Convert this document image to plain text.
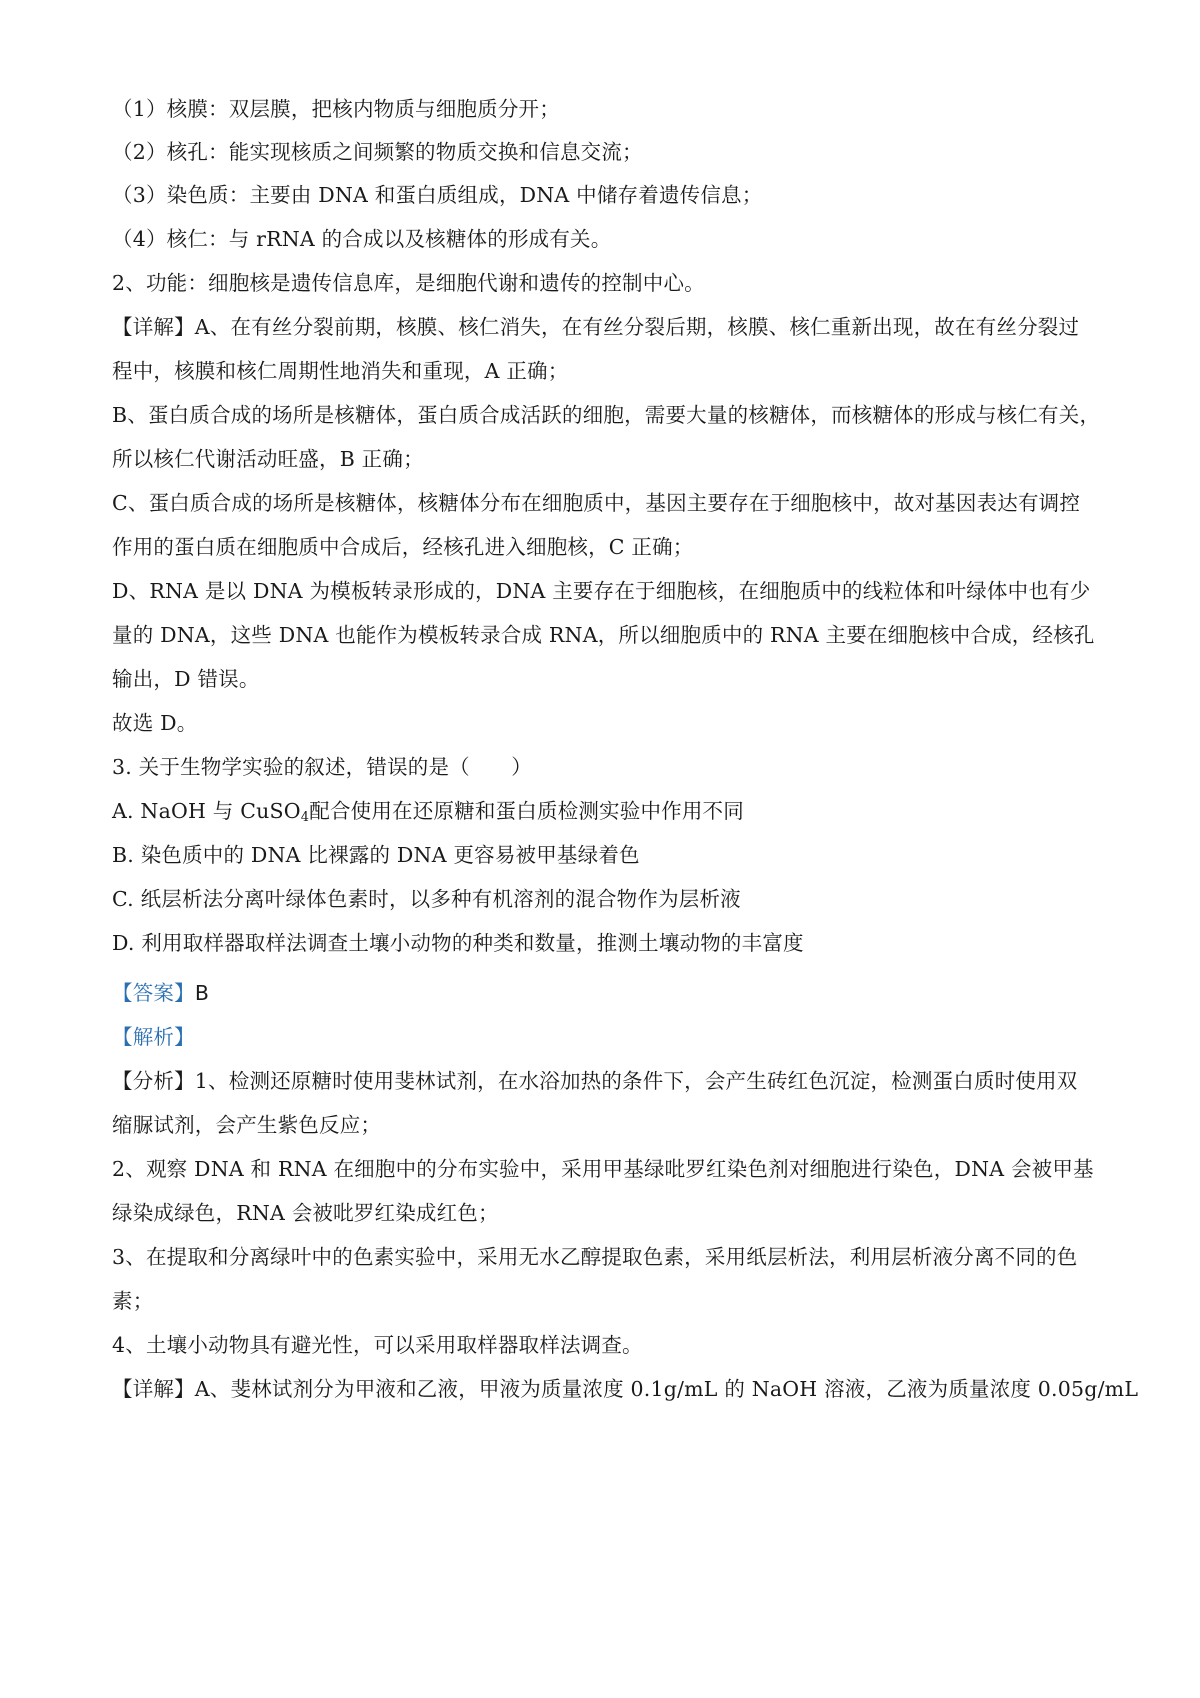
（1）核膜：双层膜，把核内物质与细胞质分开；
（2）核孔：能实现核质之间频繁的物质交换和信息交流；
（3）染色质：主要由 DNA 和蛋白质组成，DNA 中储存着遗传信息；
（4）核仁：与 rRNA 的合成以及核糖体的形成有关。
2、功能：细胞核是遗传信息库，是细胞代谢和遗传的控制中心。
【详解】A、在有丝分裂前期，核膜、核仁消失，在有丝分裂后期，核膜、核仁重新出现，故在有丝分裂过
程中，核膜和核仁周期性地消失和重现，A 正确；
B、蛋白质合成的场所是核糖体，蛋白质合成活跃的细胞，需要大量的核糖体，而核糖体的形成与核仁有关，
所以核仁代谢活动旺盛，B 正确；
C、蛋白质合成的场所是核糖体，核糖体分布在细胞质中，基因主要存在于细胞核中，故对基因表达有调控
作用的蛋白质在细胞质中合成后，经核孔进入细胞核，C 正确；
D、RNA 是以 DNA 为模板转录形成的，DNA 主要存在于细胞核，在细胞质中的线粒体和叶绿体中也有少
量的 DNA，这些 DNA 也能作为模板转录合成 RNA，所以细胞质中的 RNA 主要在细胞核中合成，经核孔
输出，D 错误。
故选 D。
3. 关于生物学实验的叙述，错误的是（　　）
A. NaOH 与 CuSO$_4$配合使用在还原糖和蛋白质检测实验中作用不同
B. 染色质中的 DNA 比裸露的 DNA 更容易被甲基绿着色
C. 纸层析法分离叶绿体色素时，以多种有机溶剂的混合物作为层析液
D. 利用取样器取样法调查土壤小动物的种类和数量，推测土壤动物的丰富度
【答案】B
【解析】
【分析】1、检测还原糖时使用斐林试剂，在水浴加热的条件下，会产生砖红色沉淀，检测蛋白质时使用双
缩脲试剂，会产生紫色反应；
2、观察 DNA 和 RNA 在细胞中的分布实验中，采用甲基绿吡罗红染色剂对细胞进行染色，DNA 会被甲基
绿染成绿色，RNA 会被吡罗红染成红色；
3、在提取和分离绿叶中的色素实验中，采用无水乙醇提取色素，采用纸层析法，利用层析液分离不同的色
素；
4、土壤小动物具有避光性，可以采用取样器取样法调查。
【详解】A、斐林试剂分为甲液和乙液，甲液为质量浓度 0.1g/mL 的 NaOH 溶液，乙液为质量浓度 0.05g/mL
